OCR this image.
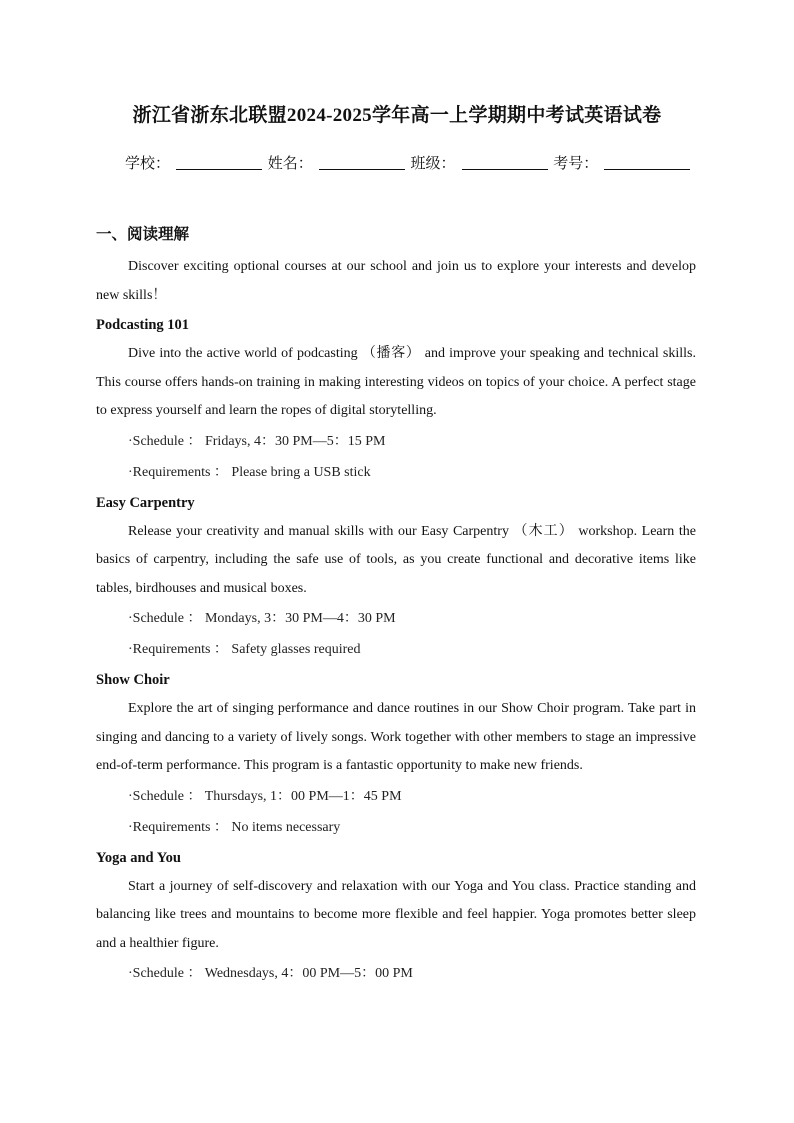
浙江省浙东北联盟2024-2025学年高一上学期期中考试英语试卷
学校：	姓名：	班级：	考号：
一、阅读理解

Discover exciting optional courses at our school and join us to explore your interests and develop new skills！

Podcasting 101

Dive into the active world of podcasting （播客） and improve your speaking and technical skills. This course offers hands-on training in making interesting videos on topics of your choice. A perfect stage to express yourself and learn the ropes of digital storytelling.

·Schedule ： Fridays, 4：30 PM—5：15 PM

·Requirements ： Please bring a USB stick

Easy Carpentry

Release your creativity and manual skills with our Easy Carpentry （木工） workshop. Learn the basics of carpentry, including the safe use of tools, as you create functional and decorative items like tables, birdhouses and musical boxes.

·Schedule ： Mondays, 3：30 PM—4：30 PM

·Requirements ： Safety glasses required

Show Choir

Explore the art of singing performance and dance routines in our Show Choir program. Take part in singing and dancing to a variety of lively songs. Work together with other members to stage an impressive end-of-term performance. This program is a fantastic opportunity to make new friends.

·Schedule ： Thursdays, 1：00 PM—1：45 PM

·Requirements ： No items necessary

Yoga and You

Start a journey of self-discovery and relaxation with our Yoga and You class. Practice standing and balancing like trees and mountains to become more flexible and feel happier. Yoga promotes better sleep and a healthier figure.

·Schedule ： Wednesdays, 4：00 PM—5：00 PM
